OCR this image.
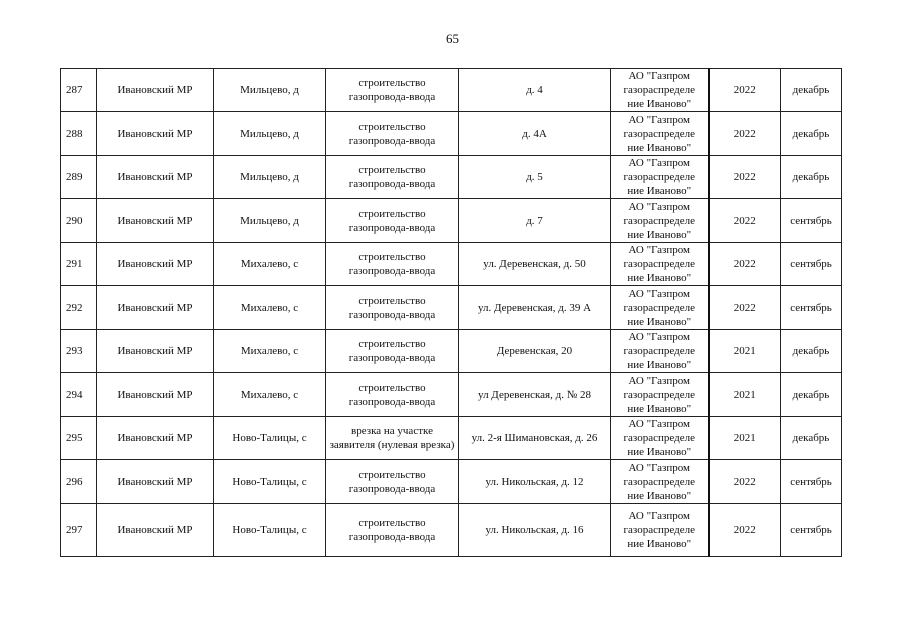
65
287	Ивановский МР	Мильцево, д	строительство газопровода-ввода	д. 4	АО "Газпром газораспределе ние Иваново"	2022	декабрь
288	Ивановский МР	Мильцево, д	строительство газопровода-ввода	д. 4А	АО "Газпром газораспределе ние Иваново"	2022	декабрь
289	Ивановский МР	Мильцево, д	строительство газопровода-ввода	д. 5	АО "Газпром газораспределе ние Иваново"	2022	декабрь
290	Ивановский МР	Мильцево, д	строительство газопровода-ввода	д. 7	АО "Газпром газораспределе ние Иваново"	2022	сентябрь
291	Ивановский МР	Михалево, с	строительство газопровода-ввода	ул. Деревенская, д. 50	АО "Газпром газораспределе ние Иваново"	2022	сентябрь
292	Ивановский МР	Михалево, с	строительство газопровода-ввода	ул. Деревенская, д. 39 А	АО "Газпром газораспределе ние Иваново"	2022	сентябрь
293	Ивановский МР	Михалево, с	строительство газопровода-ввода	Деревенская, 20	АО "Газпром газораспределе ние Иваново"	2021	декабрь
294	Ивановский МР	Михалево, с	строительство газопровода-ввода	ул Деревенская, д. № 28	АО "Газпром газораспределе ние Иваново"	2021	декабрь
295	Ивановский МР	Ново-Талицы, с	врезка на участке заявителя (нулевая врезка)	ул. 2-я Шимановская, д. 26	АО "Газпром газораспределе ние Иваново"	2021	декабрь
296	Ивановский МР	Ново-Талицы, с	строительство газопровода-ввода	ул. Никольская, д. 12	АО "Газпром газораспределе ние Иваново"	2022	сентябрь
297	Ивановский МР	Ново-Талицы, с	строительство газопровода-ввода	ул. Никольская, д. 16	АО "Газпром газораспределе ние Иваново"	2022	сентябрь
